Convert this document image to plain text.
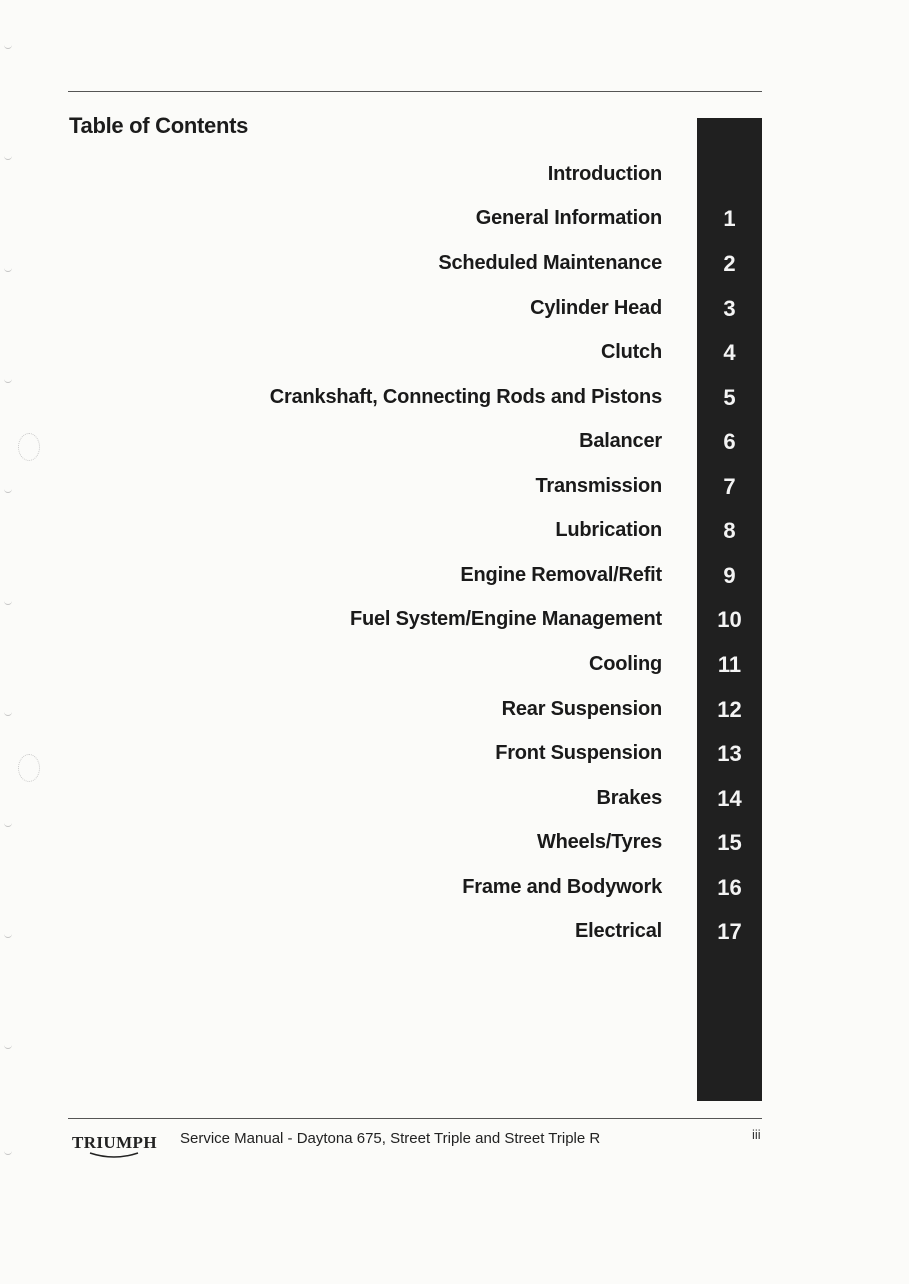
Table of Contents
Introduction
General Information	1
Scheduled Maintenance	2
Cylinder Head	3
Clutch	4
Crankshaft, Connecting Rods and Pistons	5
Balancer	6
Transmission	7
Lubrication	8
Engine Removal/Refit	9
Fuel System/Engine Management	10
Cooling	11
Rear Suspension	12
Front Suspension	13
Brakes	14
Wheels/Tyres	15
Frame and Bodywork	16
Electrical	17
TRIUMPH Service Manual - Daytona 675, Street Triple and Street Triple R	iii
